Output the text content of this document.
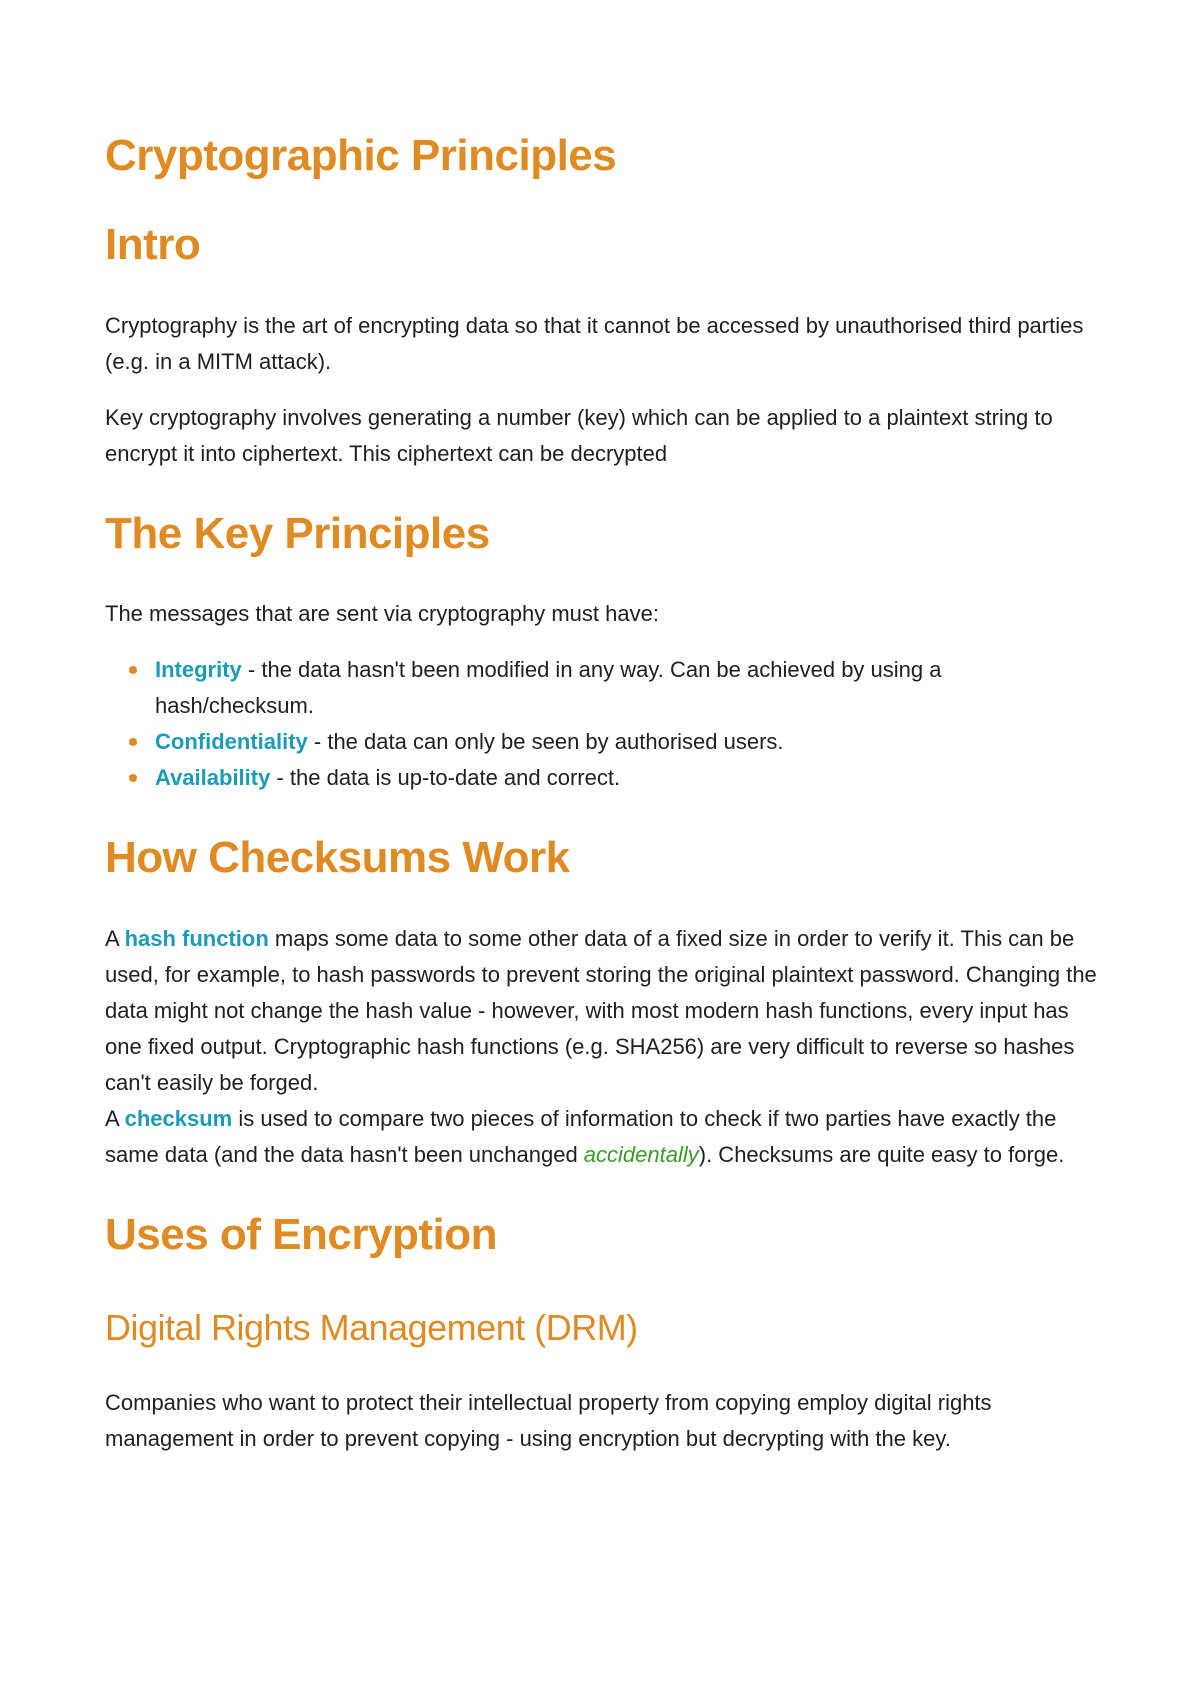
Cryptographic Principles
Intro

Cryptography is the art of encrypting data so that it cannot be accessed by unauthorised third parties (e.g. in a MITM attack).

Key cryptography involves generating a number (key) which can be applied to a plaintext string to encrypt it into ciphertext. This ciphertext can be decrypted

The Key Principles

The messages that are sent via cryptography must have:

Integrity - the data hasn't been modified in any way. Can be achieved by using a hash/checksum.
Confidentiality - the data can only be seen by authorised users.
Availability - the data is up-to-date and correct.
How Checksums Work

A hash function maps some data to some other data of a fixed size in order to verify it. This can be used, for example, to hash passwords to prevent storing the original plaintext password. Changing the data might not change the hash value - however, with most modern hash functions, every input has one fixed output. Cryptographic hash functions (e.g. SHA256) are very difficult to reverse so hashes can't easily be forged.

A checksum is used to compare two pieces of information to check if two parties have exactly the same data (and the data hasn't been unchanged accidentally). Checksums are quite easy to forge.

Uses of Encryption
Digital Rights Management (DRM)

Companies who want to protect their intellectual property from copying employ digital rights management in order to prevent copying - using encryption but decrypting with the key.
